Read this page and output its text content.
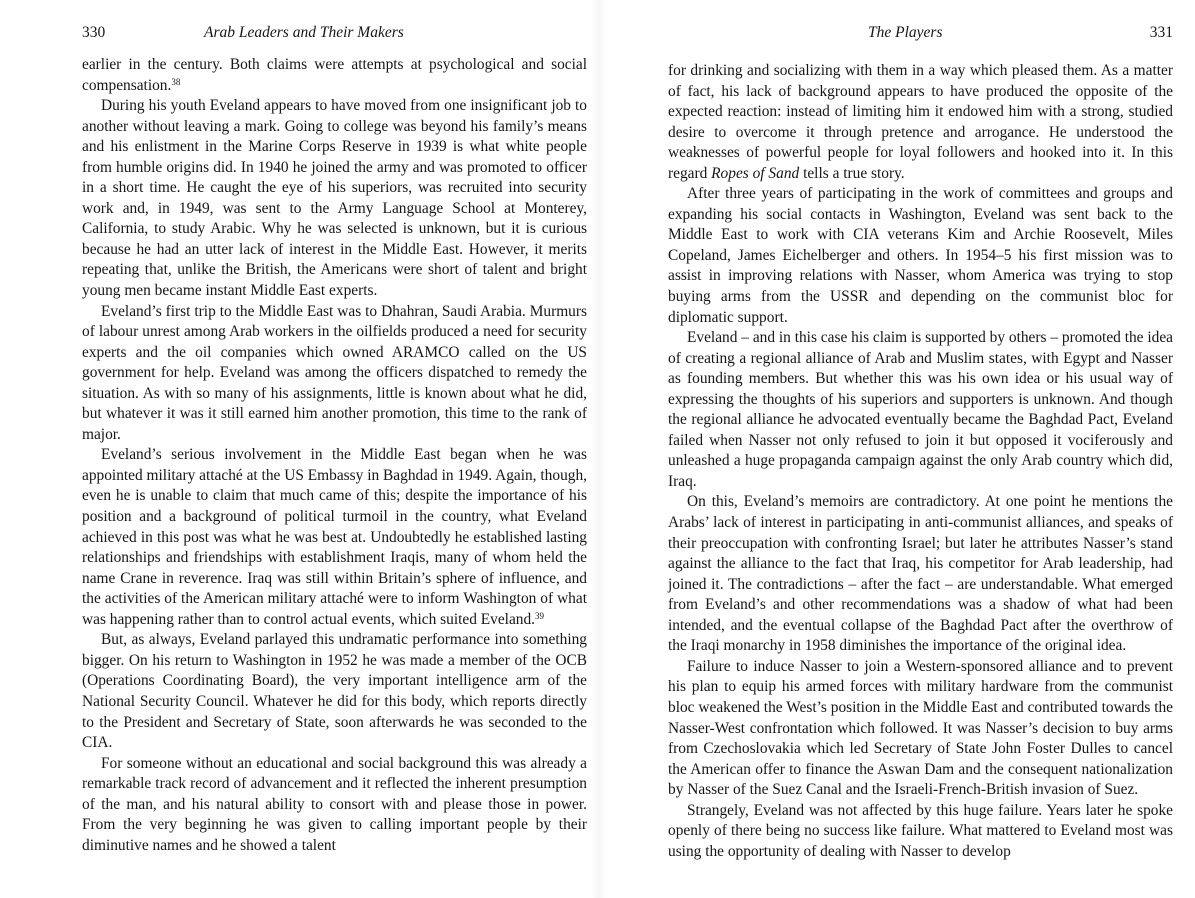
330	Arab Leaders and Their Makers

earlier in the century. Both claims were attempts at psychological and social compensation.$^{38}$

During his youth Eveland appears to have moved from one insignificant job to another without leaving a mark. Going to college was beyond his family’s means and his enlistment in the Marine Corps Reserve in 1939 is what white people from humble origins did. In 1940 he joined the army and was promoted to officer in a short time. He caught the eye of his superiors, was recruited into security work and, in 1949, was sent to the Army Language School at Monterey, California, to study Arabic. Why he was selected is unknown, but it is curious because he had an utter lack of interest in the Middle East. However, it merits repeating that, unlike the British, the Americans were short of talent and bright young men became instant Middle East experts.

Eveland’s first trip to the Middle East was to Dhahran, Saudi Arabia. Murmurs of labour unrest among Arab workers in the oilfields produced a need for security experts and the oil companies which owned ARAMCO called on the US government for help. Eveland was among the officers dispatched to remedy the situation. As with so many of his assignments, little is known about what he did, but whatever it was it still earned him another promotion, this time to the rank of major.

Eveland’s serious involvement in the Middle East began when he was appointed military attaché at the US Embassy in Baghdad in 1949. Again, though, even he is unable to claim that much came of this; despite the importance of his position and a background of political turmoil in the country, what Eveland achieved in this post was what he was best at. Undoubtedly he established lasting relationships and friendships with establishment Iraqis, many of whom held the name Crane in reverence. Iraq was still within Britain’s sphere of influence, and the activities of the American military attaché were to inform Washington of what was happening rather than to control actual events, which suited Eveland.$^{39}$

But, as always, Eveland parlayed this undramatic performance into something bigger. On his return to Washington in 1952 he was made a member of the OCB (Operations Coordinating Board), the very important intelligence arm of the National Security Council. Whatever he did for this body, which reports directly to the President and Secretary of State, soon afterwards he was seconded to the CIA.

For someone without an educational and social background this was already a remarkable track record of advancement and it reflected the inherent presumption of the man, and his natural ability to consort with and please those in power. From the very beginning he was given to calling important people by their diminutive names and he showed a talent

The Players	331

for drinking and socializing with them in a way which pleased them. As a matter of fact, his lack of background appears to have produced the opposite of the expected reaction: instead of limiting him it endowed him with a strong, studied desire to overcome it through pretence and arrogance. He understood the weaknesses of powerful people for loyal followers and hooked into it. In this regard Ropes of Sand tells a true story.

After three years of participating in the work of committees and groups and expanding his social contacts in Washington, Eveland was sent back to the Middle East to work with CIA veterans Kim and Archie Roosevelt, Miles Copeland, James Eichelberger and others. In 1954–5 his first mission was to assist in improving relations with Nasser, whom America was trying to stop buying arms from the USSR and depending on the communist bloc for diplomatic support.

Eveland – and in this case his claim is supported by others – promoted the idea of creating a regional alliance of Arab and Muslim states, with Egypt and Nasser as founding members. But whether this was his own idea or his usual way of expressing the thoughts of his superiors and supporters is unknown. And though the regional alliance he advocated eventually became the Baghdad Pact, Eveland failed when Nasser not only refused to join it but opposed it vociferously and unleashed a huge propaganda campaign against the only Arab country which did, Iraq.

On this, Eveland’s memoirs are contradictory. At one point he mentions the Arabs’ lack of interest in participating in anti-communist alliances, and speaks of their preoccupation with confronting Israel; but later he attributes Nasser’s stand against the alliance to the fact that Iraq, his competitor for Arab leadership, had joined it. The contradictions – after the fact – are understandable. What emerged from Eveland’s and other recommendations was a shadow of what had been intended, and the eventual collapse of the Baghdad Pact after the overthrow of the Iraqi monarchy in 1958 diminishes the importance of the original idea.

Failure to induce Nasser to join a Western-sponsored alliance and to prevent his plan to equip his armed forces with military hardware from the communist bloc weakened the West’s position in the Middle East and contributed towards the Nasser-West confrontation which followed. It was Nasser’s decision to buy arms from Czechoslovakia which led Secretary of State John Foster Dulles to cancel the American offer to finance the Aswan Dam and the consequent nationalization by Nasser of the Suez Canal and the Israeli-French-British invasion of Suez.

Strangely, Eveland was not affected by this huge failure. Years later he spoke openly of there being no success like failure. What mattered to Eveland most was using the opportunity of dealing with Nasser to develop
